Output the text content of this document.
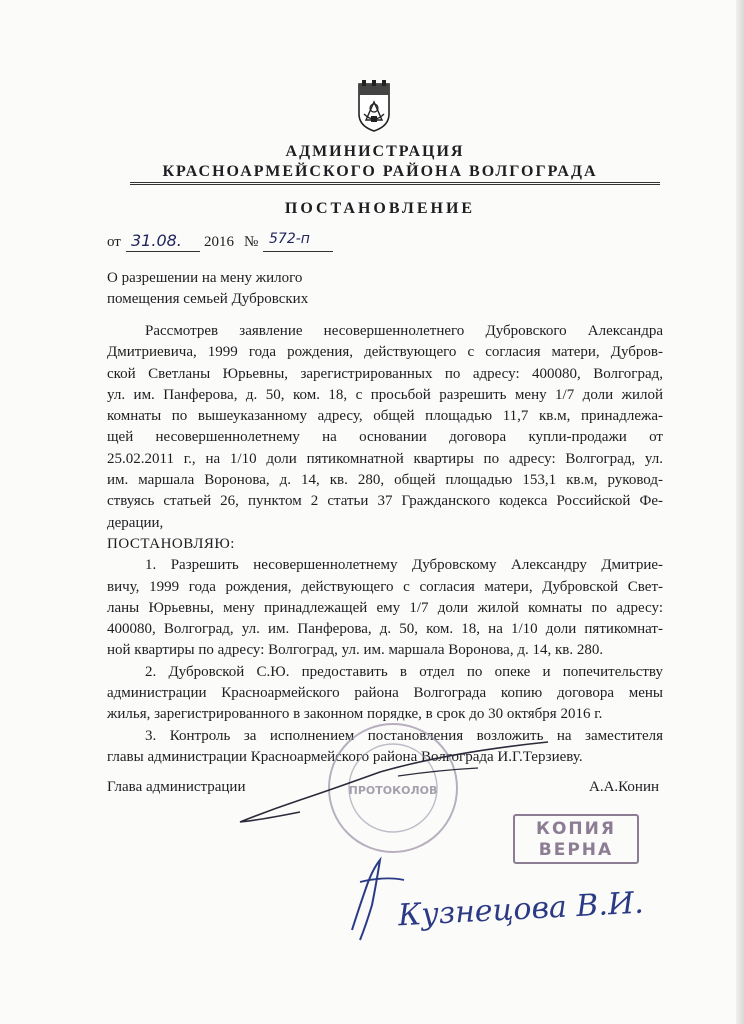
АДМИНИСТРАЦИЯ
КРАСНОАРМЕЙСКОГО РАЙОНА ВОЛГОГРАДА
ПОСТАНОВЛЕНИЕ
от 31.08. 2016 № 572-п
О разрешении на мену жилого
помещения семьей Дубровских

Рассмотрев заявление несовершеннолетнего Дубровского Александра

Дмитриевича, 1999 года рождения, действующего с согласия матери, Дубров-

ской Светланы Юрьевны, зарегистрированных по адресу: 400080, Волгоград,

ул. им. Панферова, д. 50, ком. 18, с просьбой разрешить мену 1/7 доли жилой

комнаты по вышеуказанному адресу, общей площадью 11,7 кв.м, принадлежа-

щей несовершеннолетнему на основании договора купли-продажи от

25.02.2011 г., на 1/10 доли пятикомнатной квартиры по адресу: Волгоград, ул.

им. маршала Воронова, д. 14, кв. 280, общей площадью 153,1 кв.м, руковод-

ствуясь статьей 26, пунктом 2 статьи 37 Гражданского кодекса Российской Фе-

дерации,

ПОСТАНОВЛЯЮ:

1. Разрешить несовершеннолетнему Дубровскому Александру Дмитрие-

вичу, 1999 года рождения, действующего с согласия матери, Дубровской Свет-

ланы Юрьевны, мену принадлежащей ему 1/7 доли жилой комнаты по адресу:

400080, Волгоград, ул. им. Панферова, д. 50, ком. 18, на 1/10 доли пятикомнат-

ной квартиры по адресу: Волгоград, ул. им. маршала Воронова, д. 14, кв. 280.

2. Дубровской С.Ю. предоставить в отдел по опеке и попечительству

администрации Красноармейского района Волгограда копию договора мены

жилья, зарегистрированного в законном порядке, в срок до 30 октября 2016 г.

3. Контроль за исполнением постановления возложить на заместителя

главы администрации Красноармейского района Волгограда И.Г.Терзиеву.

ПРОТОКОЛОВ
Глава администрации	А.А.Конин
Кузнецова В.И.
КОПИЯ
ВЕРНА
